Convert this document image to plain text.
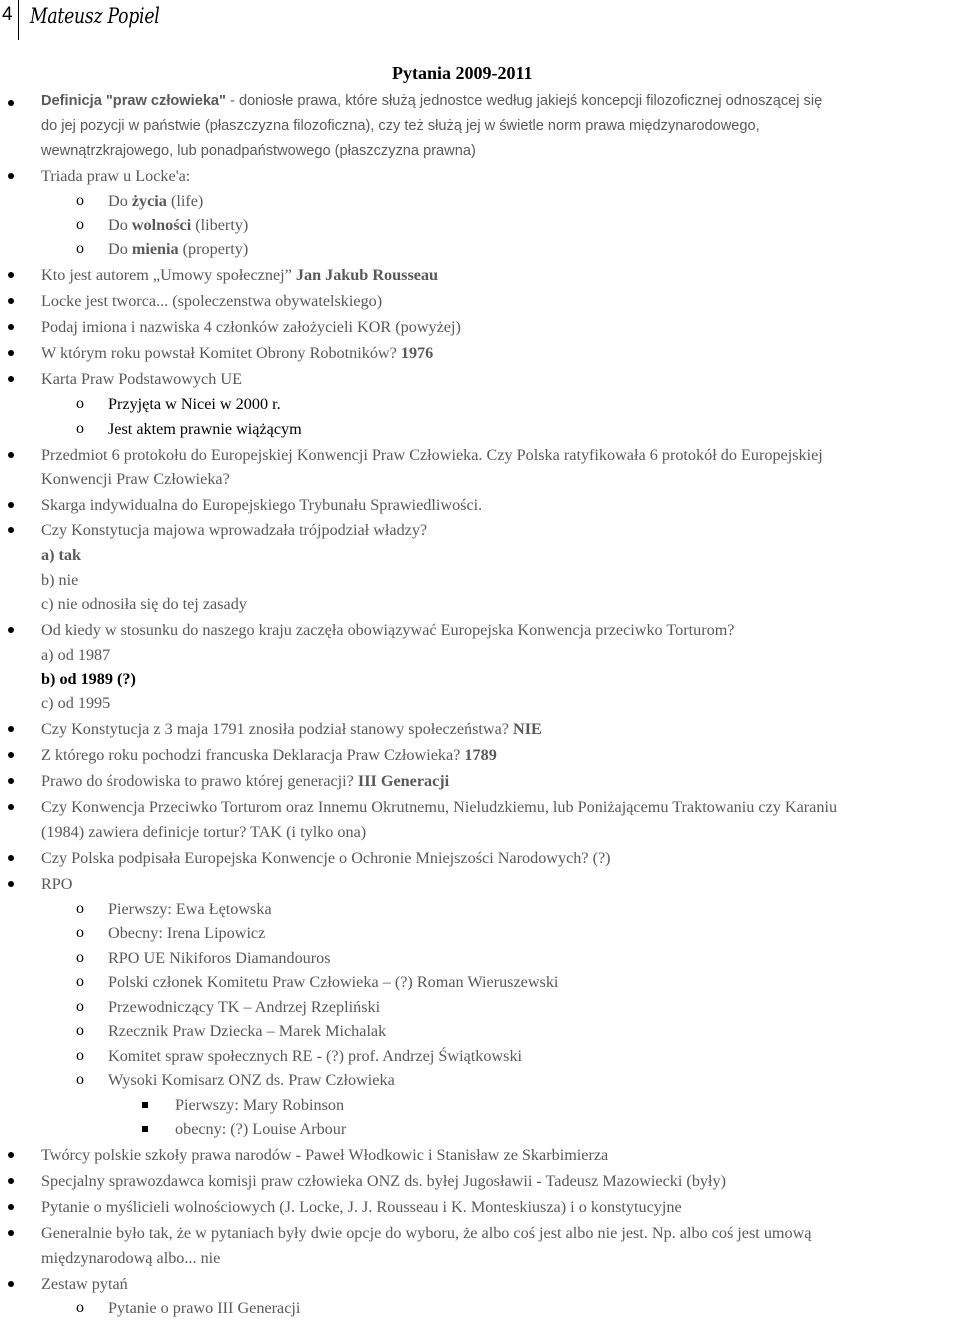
4 Mateusz Popiel
Pytania 2009-2011
Definicja "praw człowieka" - doniosłe prawa, które służą jednostce według jakiejś koncepcji filozoficznej odnoszącej się
do jej pozycji w państwie (płaszczyzna filozoficzna), czy też służą jej w świetle norm prawa międzynarodowego,
wewnątrzkrajowego, lub ponadpaństwowego (płaszczyzna prawna)
Triada praw u Locke'a:
o Do życia (life)
o Do wolności (liberty)
o Do mienia (property)
Kto jest autorem „Umowy społecznej” Jan Jakub Rousseau
Locke jest tworca... (spoleczenstwa obywatelskiego)
Podaj imiona i nazwiska 4 członków założycieli KOR (powyżej)
W którym roku powstał Komitet Obrony Robotników? 1976
Karta Praw Podstawowych UE
o Przyjęta w Nicei w 2000 r.
o Jest aktem prawnie wiążącym
Przedmiot 6 protokołu do Europejskiej Konwencji Praw Człowieka. Czy Polska ratyfikowała 6 protokół do Europejskiej
Konwencji Praw Człowieka?
Skarga indywidualna do Europejskiego Trybunału Sprawiedliwości.
Czy Konstytucja majowa wprowadzała trójpodział władzy?
a) tak
b) nie
c) nie odnosiła się do tej zasady
Od kiedy w stosunku do naszego kraju zaczęła obowiązywać Europejska Konwencja przeciwko Torturom?
a) od 1987
b) od 1989 (?)
c) od 1995
Czy Konstytucja z 3 maja 1791 znosiła podział stanowy społeczeństwa? NIE
Z którego roku pochodzi francuska Deklaracja Praw Człowieka? 1789
Prawo do środowiska to prawo której generacji? III Generacji
Czy Konwencja Przeciwko Torturom oraz Innemu Okrutnemu, Nieludzkiemu, lub Poniżającemu Traktowaniu czy Karaniu
(1984) zawiera definicje tortur? TAK (i tylko ona)
Czy Polska podpisała Europejska Konwencje o Ochronie Mniejszości Narodowych? (?)
RPO
o Pierwszy: Ewa Łętowska
o Obecny: Irena Lipowicz
o RPO UE Nikiforos Diamandouros
o Polski członek Komitetu Praw Człowieka – (?) Roman Wieruszewski
o Przewodniczący TK – Andrzej Rzepliński
o Rzecznik Praw Dziecka – Marek Michalak
o Komitet spraw społecznych RE - (?) prof. Andrzej Świątkowski
o Wysoki Komisarz ONZ ds. Praw Człowieka
Pierwszy: Mary Robinson
obecny: (?) Louise Arbour
Twórcy polskie szkoły prawa narodów - Paweł Włodkowic i Stanisław ze Skarbimierza
Specjalny sprawozdawca komisji praw człowieka ONZ ds. byłej Jugosławii - Tadeusz Mazowiecki (były)
Pytanie o myślicieli wolnościowych (J. Locke, J. J. Rousseau i K. Monteskiusza) i o konstytucyjne
Generalnie było tak, że w pytaniach były dwie opcje do wyboru, że albo coś jest albo nie jest. Np. albo coś jest umową
międzynarodową albo... nie
Zestaw pytań
o Pytanie o prawo III Generacji
